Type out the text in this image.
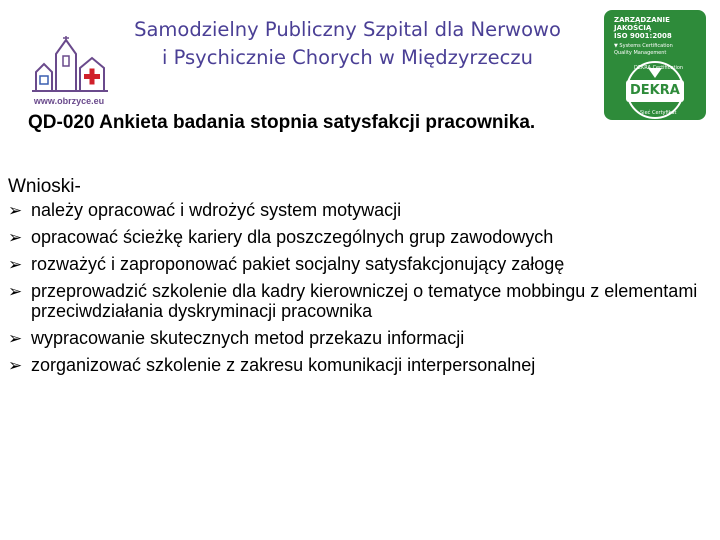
www.obrzyce.eu
Samodzielny Publiczny Szpital dla Nerwowo
i Psychicznie Chorych w Międzyrzeczu
ZARZĄDZANIE
JAKOŚCIĄ
ISO 9001:2008
▼ Systems Certification
Quality Management
DEKRA Certification
DEKRA
Sieć Certyfikat
QD-020 Ankieta badania stopnia satysfakcji pracownika.
Wnioski-
➢ należy opracować i wdrożyć system motywacji
➢ opracować ścieżkę kariery dla poszczególnych grup zawodowych
➢ rozważyć i zaproponować pakiet socjalny satysfakcjonujący załogę
➢ przeprowadzić szkolenie dla kadry kierowniczej o tematyce mobbingu z elementami przeciwdziałania dyskryminacji pracownika
➢ wypracowanie skutecznych metod przekazu informacji
➢ zorganizować szkolenie z zakresu komunikacji interpersonalnej
